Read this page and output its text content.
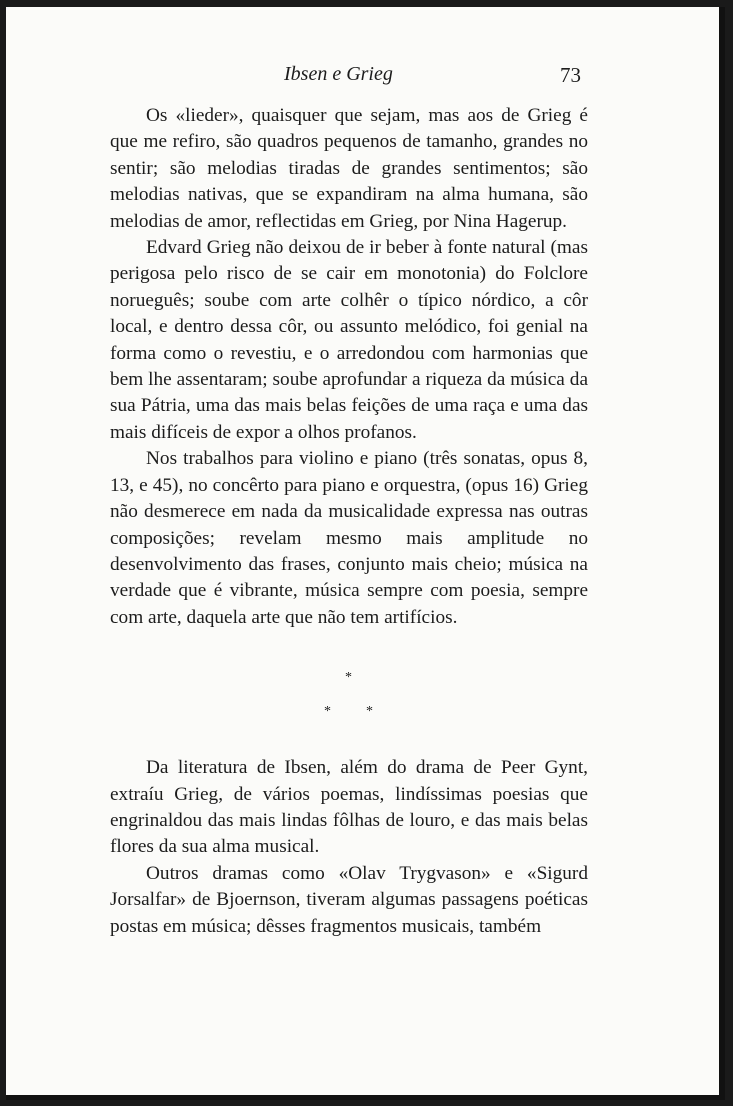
Ibsen e Grieg	73

Os «lieder», quaisquer que sejam, mas aos de Grieg é que me refiro, são quadros pequenos de tamanho, grandes no sentir; são melodias tiradas de grandes sentimentos; são melodias nativas, que se expandiram na alma humana, são melodias de amor, reflectidas em Grieg, por Nina Hagerup.

Edvard Grieg não deixou de ir beber à fonte natural (mas perigosa pelo risco de se cair em monotonia) do Folclore norueguês; soube com arte colhêr o típico nórdico, a côr local, e dentro dessa côr, ou assunto melódico, foi genial na forma como o revestiu, e o arredondou com harmonias que bem lhe assentaram; soube aprofundar a riqueza da música da sua Pátria, uma das mais belas feições de uma raça e uma das mais difíceis de expor a olhos profanos.

Nos trabalhos para violino e piano (três sonatas, opus 8, 13, e 45), no concêrto para piano e orquestra, (opus 16) Grieg não desmerece em nada da musicalidade expressa nas outras composições; revelam mesmo mais amplitude no desenvolvimento das frases, conjunto mais cheio; música na verdade que é vibrante, música sempre com poesia, sempre com arte, daquela arte que não tem artifícios.

*
*	*

Da literatura de Ibsen, além do drama de Peer Gynt, extraíu Grieg, de vários poemas, lindíssimas poesias que engrinaldou das mais lindas fôlhas de louro, e das mais belas flores da sua alma musical.

Outros dramas como «Olav Trygvason» e «Sigurd Jorsalfar» de Bjoernson, tiveram algumas passagens poéticas postas em música; dêsses fragmentos musicais, também
